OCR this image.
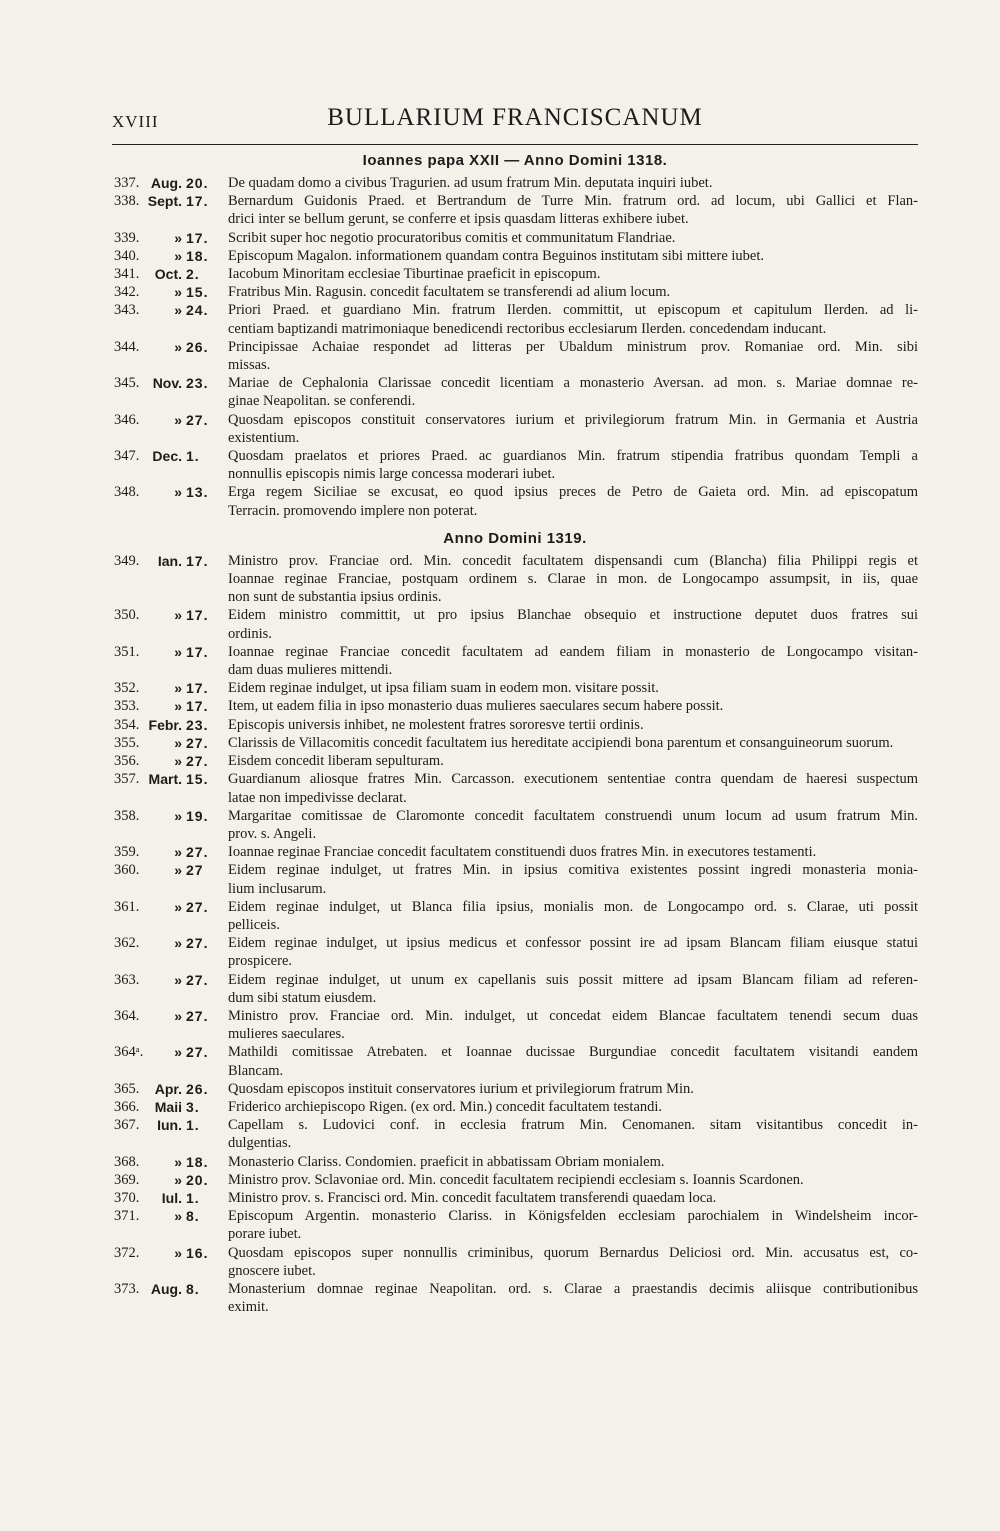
XVIII	BULLARIUM FRANCISCANUM
Ioannes papa XXII — Anno Domini 1318.
337. Aug. 20.	De quadam domo a civibus Tragurien. ad usum fratrum Min. deputata inquiri iubet.
338. Sept. 17.	Bernardum Guidonis Praed. et Bertrandum de Turre Min. fratrum ord. ad locum, ubi Gallici et Flan-
drici inter se bellum gerunt, se conferre et ipsis quasdam litteras exhibere iubet.
339.	» 17.	Scribit super hoc negotio procuratoribus comitis et communitatum Flandriae.
340.	» 18.	Episcopum Magalon. informationem quandam contra Beguinos institutam sibi mittere iubet.
341.	Oct. 2.	Iacobum Minoritam ecclesiae Tiburtinae praeficit in episcopum.
342.	» 15.	Fratribus Min. Ragusin. concedit facultatem se transferendi ad alium locum.
343.	» 24.	Priori Praed. et guardiano Min. fratrum Ilerden. committit, ut episcopum et capitulum Ilerden. ad li-
centiam baptizandi matrimoniaque benedicendi rectoribus ecclesiarum Ilerden. concedendam inducant.
344.	» 26.	Principissae Achaiae respondet ad litteras per Ubaldum ministrum prov. Romaniae ord. Min. sibi
missas.
345. Nov. 23.	Mariae de Cephalonia Clarissae concedit licentiam a monasterio Aversan. ad mon. s. Mariae domnae re-
ginae Neapolitan. se conferendi.
346.	» 27.	Quosdam episcopos constituit conservatores iurium et privilegiorum fratrum Min. in Germania et Austria
existentium.
347. Dec. 1.	Quosdam praelatos et priores Praed. ac guardianos Min. fratrum stipendia fratribus quondam Templi a
nonnullis episcopis nimis large concessa moderari iubet.
348.	» 13.	Erga regem Siciliae se excusat, eo quod ipsius preces de Petro de Gaieta ord. Min. ad episcopatum
Terracin. promovendo implere non poterat.
Anno Domini 1319.
349.	Ian. 17.	Ministro prov. Franciae ord. Min. concedit facultatem dispensandi cum (Blancha) filia Philippi regis et
Ioannae reginae Franciae, postquam ordinem s. Clarae in mon. de Longocampo assumpsit, in iis, quae
non sunt de substantia ipsius ordinis.
350.	» 17.	Eidem ministro committit, ut pro ipsius Blanchae obsequio et instructione deputet duos fratres sui
ordinis.
351.	» 17.	Ioannae reginae Franciae concedit facultatem ad eandem filiam in monasterio de Longocampo visitan-
dam duas mulieres mittendi.
352.	» 17.	Eidem reginae indulget, ut ipsa filiam suam in eodem mon. visitare possit.
353.	» 17.	Item, ut eadem filia in ipso monasterio duas mulieres saeculares secum habere possit.
354. Febr. 23.	Episcopis universis inhibet, ne molestent fratres sororesve tertii ordinis.
355.	» 27.	Clarissis de Villacomitis concedit facultatem ius hereditate accipiendi bona parentum et consanguineorum suorum.
356.	» 27.	Eisdem concedit liberam sepulturam.
357. Mart. 15.	Guardianum aliosque fratres Min. Carcasson. executionem sententiae contra quendam de haeresi suspectum
latae non impedivisse declarat.
358.	» 19.	Margaritae comitissae de Claromonte concedit facultatem construendi unum locum ad usum fratrum Min.
prov. s. Angeli.
359.	» 27.	Ioannae reginae Franciae concedit facultatem constituendi duos fratres Min. in executores testamenti.
360.	» 27	Eidem reginae indulget, ut fratres Min. in ipsius comitiva existentes possint ingredi monasteria monia-
lium inclusarum.
361.	» 27.	Eidem reginae indulget, ut Blanca filia ipsius, monialis mon. de Longocampo ord. s. Clarae, uti possit
pelliceis.
362.	» 27.	Eidem reginae indulget, ut ipsius medicus et confessor possint ire ad ipsam Blancam filiam eiusque statui
prospicere.
363.	» 27.	Eidem reginae indulget, ut unum ex capellanis suis possit mittere ad ipsam Blancam filiam ad referen-
dum sibi statum eiusdem.
364.	» 27.	Ministro prov. Franciae ord. Min. indulget, ut concedat eidem Blancae facultatem tenendi secum duas
mulieres saeculares.
364ᵃ.	» 27.	Mathildi comitissae Atrebaten. et Ioannae ducissae Burgundiae concedit facultatem visitandi eandem
Blancam.
365.	Apr. 26.	Quosdam episcopos instituit conservatores iurium et privilegiorum fratrum Min.
366.	Maii 3.	Friderico archiepiscopo Rigen. (ex ord. Min.) concedit facultatem testandi.
367.	Iun. 1.	Capellam s. Ludovici conf. in ecclesia fratrum Min. Cenomanen. sitam visitantibus concedit in-
dulgentias.
368.	» 18.	Monasterio Clariss. Condomien. praeficit in abbatissam Obriam monialem.
369.	» 20.	Ministro prov. Sclavoniae ord. Min. concedit facultatem recipiendi ecclesiam s. Ioannis Scardonen.
370.	Iul. 1.	Ministro prov. s. Francisci ord. Min. concedit facultatem transferendi quaedam loca.
371.	» 8.	Episcopum Argentin. monasterio Clariss. in Königsfelden ecclesiam parochialem in Windelsheim incor-
porare iubet.
372.	» 16.	Quosdam episcopos super nonnullis criminibus, quorum Bernardus Deliciosi ord. Min. accusatus est, co-
gnoscere iubet.
373. Aug. 8.	Monasterium domnae reginae Neapolitan. ord. s. Clarae a praestandis decimis aliisque contributionibus
eximit.
